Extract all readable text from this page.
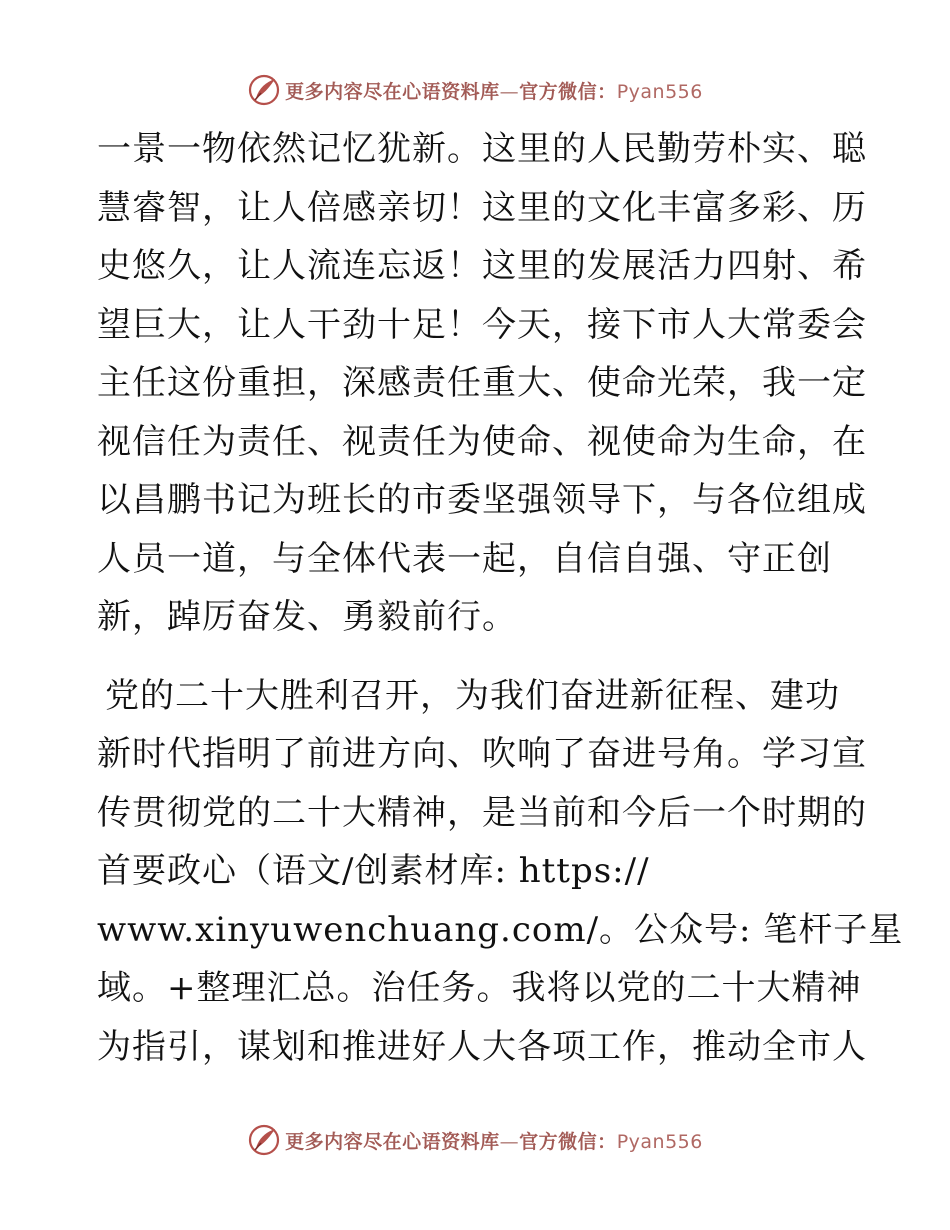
更多内容尽在心语资料库—官方微信：Pyan556
一景一物依然记忆犹新。这里的人民勤劳朴实、聪
慧睿智，让人倍感亲切！这里的文化丰富多彩、历
史悠久，让人流连忘返！这里的发展活力四射、希
望巨大，让人干劲十足！今天，接下市人大常委会
主任这份重担，深感责任重大、使命光荣，我一定
视信任为责任、视责任为使命、视使命为生命，在
以昌鹏书记为班长的市委坚强领导下，与各位组成
人员一道，与全体代表一起，自信自强、守正创
新，踔厉奋发、勇毅前行。
党的二十大胜利召开，为我们奋进新征程、建功
新时代指明了前进方向、吹响了奋进号角。学习宣
传贯彻党的二十大精神，是当前和今后一个时期的
首要政心（语文/创素材库: https://
www.xinyuwenchuang.com/。公众号: 笔杆子星
域。+整理汇总。治任务。我将以党的二十大精神
为指引，谋划和推进好人大各项工作，推动全市人
更多内容尽在心语资料库—官方微信：Pyan556
